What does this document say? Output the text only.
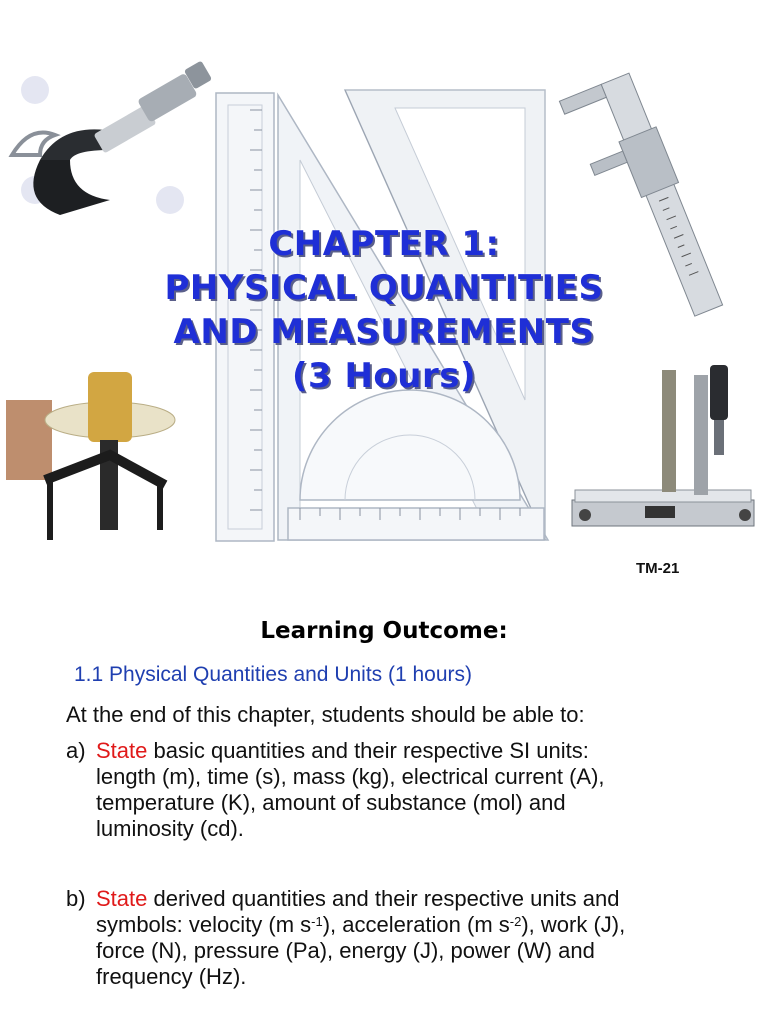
CHAPTER 1:
PHYSICAL QUANTITIES
AND MEASUREMENTS
(3 Hours)
TM-21
Learning Outcome:
1.1 Physical Quantities and Units (1 hours)
At the end of this chapter, students should be able to:
a) State basic quantities and their respective SI units:
length (m), time (s), mass (kg), electrical current (A),
temperature (K), amount of substance (mol) and
luminosity (cd).
b) State derived quantities and their respective units and
symbols: velocity (m $s^{-1}$), acceleration (m $s^{-2}$), work (J),
force (N), pressure (Pa), energy (J), power (W) and
frequency (Hz).
